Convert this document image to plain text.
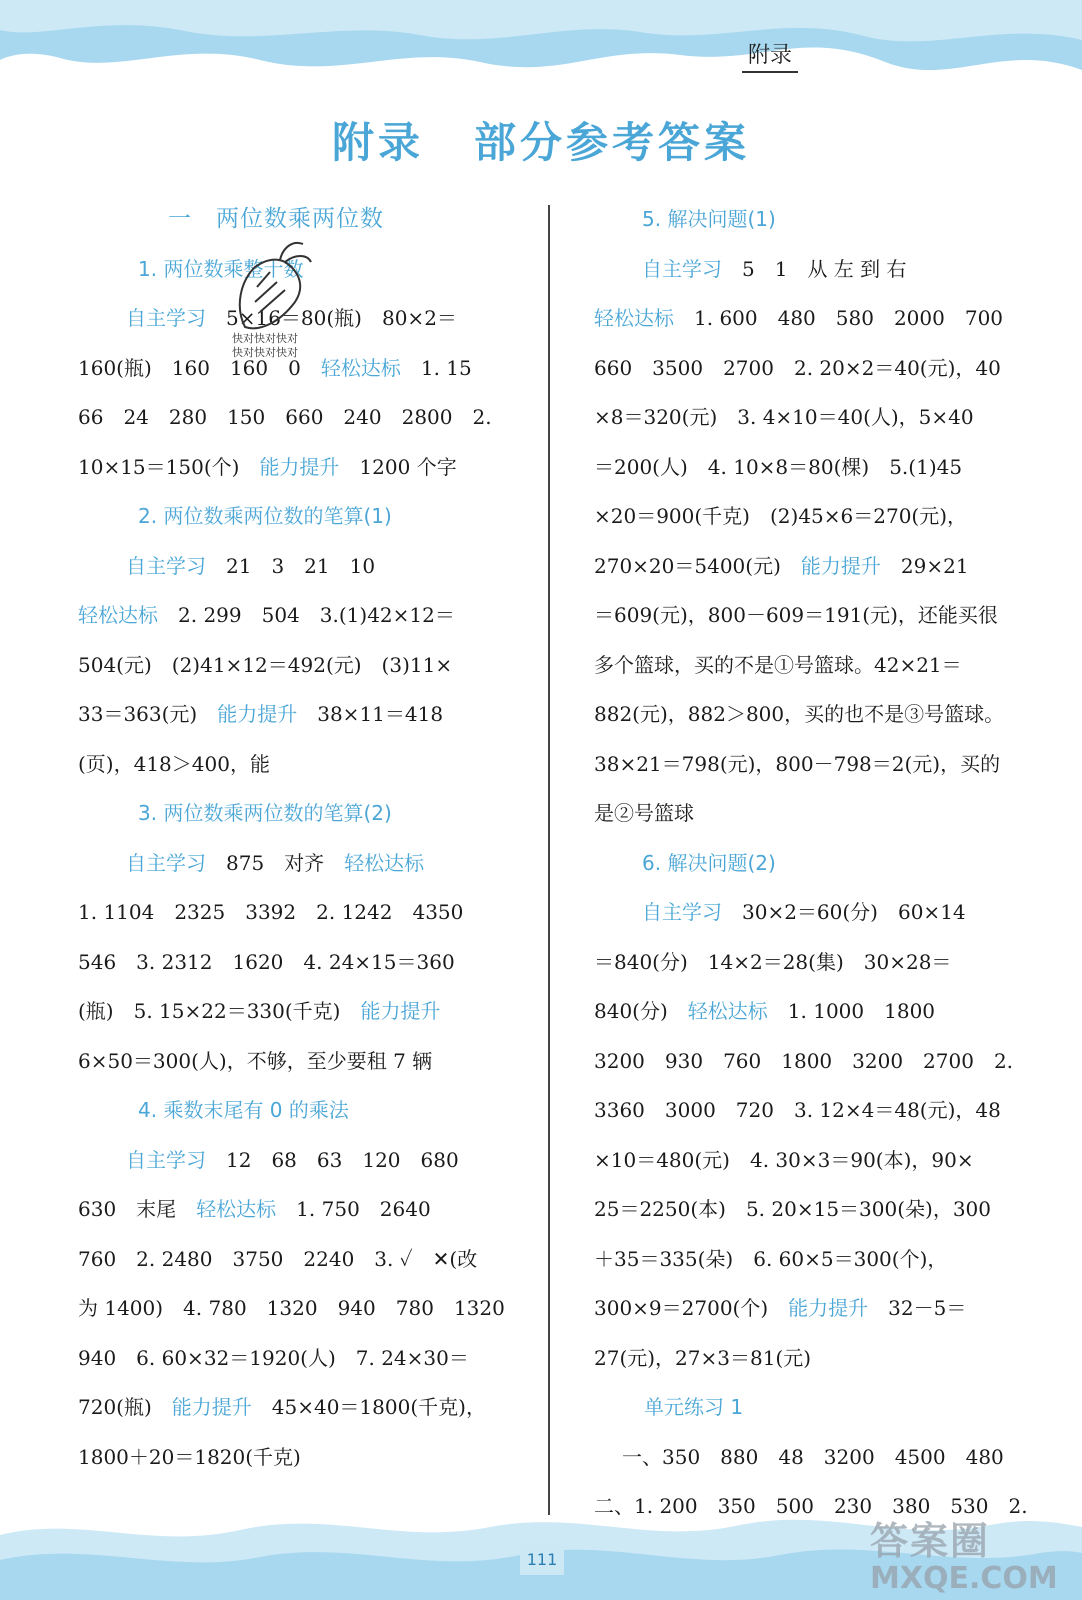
附录
附录 部分参考答案
一　两位数乘两位数
1. 两位数乘整十数
自主学习　5×16＝80(瓶)　80×2＝
160(瓶)　160　160　0　轻松达标　1. 15
66　24　280　150　660　240　2800　2.
10×15＝150(个)　能力提升　1200 个字
2. 两位数乘两位数的笔算(1)
自主学习　21　3　21　10
轻松达标　2. 299　504　3.(1)42×12＝
504(元)　(2)41×12＝492(元)　(3)11×
33＝363(元)　能力提升　38×11＝418
(页)，418＞400，能
3. 两位数乘两位数的笔算(2)
自主学习　875　对齐　轻松达标
1. 1104　2325　3392　2. 1242　4350
546　3. 2312　1620　4. 24×15＝360
(瓶)　5. 15×22＝330(千克)　能力提升
6×50＝300(人)，不够，至少要租 7 辆
4. 乘数末尾有 0 的乘法
自主学习　12　68　63　120　680
630　末尾　轻松达标　1. 750　2640
760　2. 2480　3750　2240　3. ✓　✕(改
为 1400)　4. 780　1320　940　780　1320
940　6. 60×32＝1920(人)　7. 24×30＝
720(瓶)　能力提升　45×40＝1800(千克)，
1800＋20＝1820(千克)
5. 解决问题(1)
自主学习　5　1　从 左 到 右
轻松达标　1. 600　480　580　2000　700
660　3500　2700　2. 20×2＝40(元)，40
×8＝320(元)　3. 4×10＝40(人)，5×40
＝200(人)　4. 10×8＝80(棵)　5.(1)45
×20＝900(千克)　(2)45×6＝270(元)，
270×20＝5400(元)　能力提升　29×21
＝609(元)，800－609＝191(元)，还能买很
多个篮球，买的不是①号篮球。42×21＝
882(元)，882＞800，买的也不是③号篮球。
38×21＝798(元)，800－798＝2(元)，买的
是②号篮球
6. 解决问题(2)
自主学习　30×2＝60(分)　60×14
＝840(分)　14×2＝28(集)　30×28＝
840(分)　轻松达标　1. 1000　1800
3200　930　760　1800　3200　2700　2.
3360　3000　720　3. 12×4＝48(元)，48
×10＝480(元)　4. 30×3＝90(本)，90×
25＝2250(本)　5. 20×15＝300(朵)，300
＋35＝335(朵)　6. 60×5＝300(个)，
300×9＝2700(个)　能力提升　32－5＝
27(元)，27×3＝81(元)
单元练习 1
一、350　880　48　3200　4500　480
二、1. 200　350　500　230　380　530　2.
快对快对快对 快对快对快对
111	答案圈
MXQE.COM
